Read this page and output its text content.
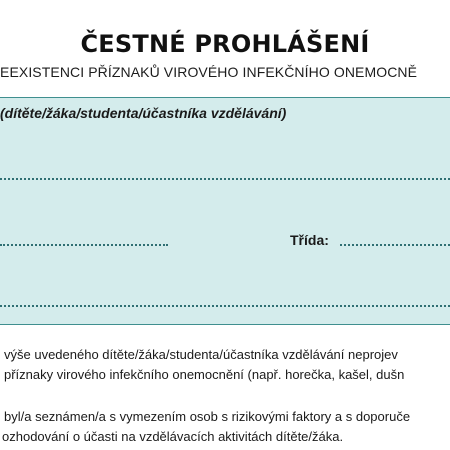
ČESTNÉ PROHLÁŠENÍ
EEXISTENCI PŘÍZNAKŮ VIROVÉHO INFEKČNÍHO ONEMOCNĚ
(dítěte/žáka/studenta/účastníka vzdělávání)
Třída:
výše uvedeného dítěte/žáka/studenta/účastníka vzdělávání neprojev
příznaky virového infekčního onemocnění (např. horečka, kašel, dušn
byl/a seznámen/a s vymezením osob s rizikovými faktory a s doporuče
ozhodování o účasti na vzdělávacích aktivitách dítěte/žáka.
